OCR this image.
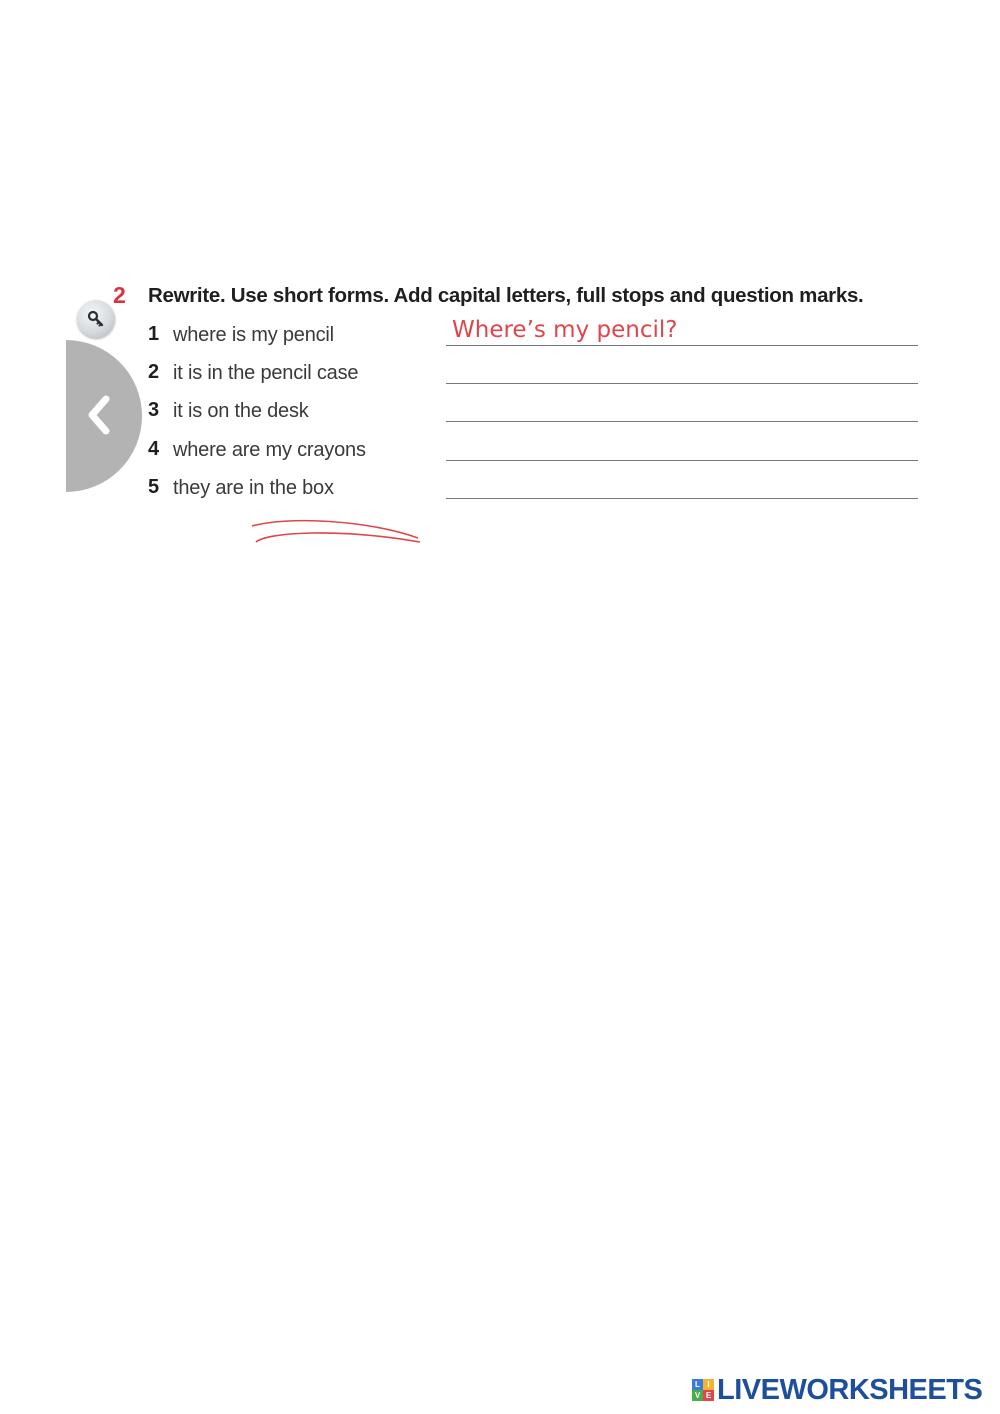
2 Rewrite. Use short forms. Add capital letters, full stops and question marks.
1 where is my pencil	Where’s my pencil?
2 it is in the pencil case
3 it is on the desk
4 where are my crayons
5 they are in the box
L I
V E LIVEWORKSHEETS
